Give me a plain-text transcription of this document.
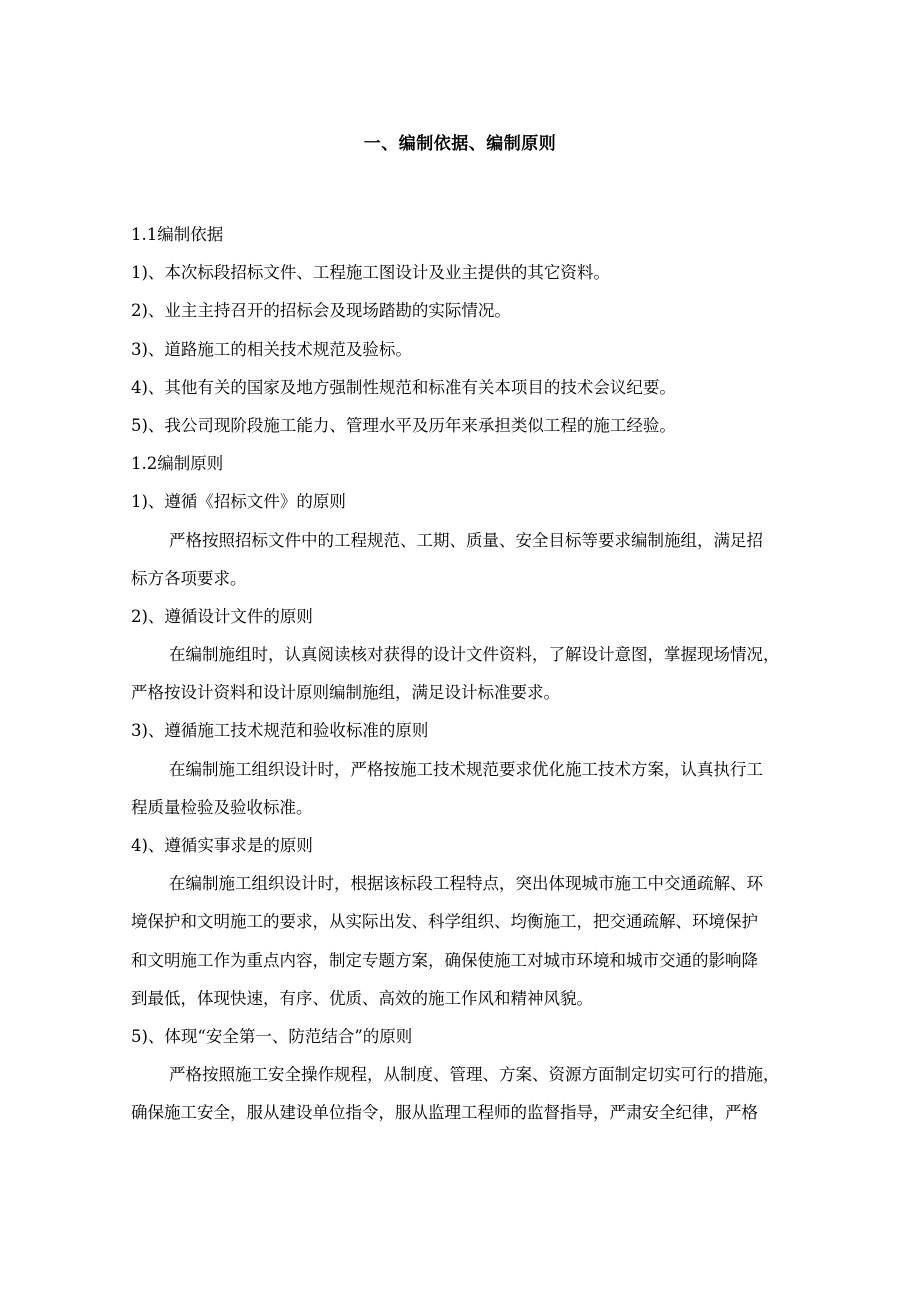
一、编制依据、编制原则
1.1编制依据
1)、本次标段招标文件、工程施工图设计及业主提供的其它资料。
2)、业主主持召开的招标会及现场踏勘的实际情况。
3)、道路施工的相关技术规范及验标。
4)、其他有关的国家及地方强制性规范和标准有关本项目的技术会议纪要。
5)、我公司现阶段施工能力、管理水平及历年来承担类似工程的施工经验。
1.2编制原则
1)、遵循《招标文件》的原则
严格按照招标文件中的工程规范、工期、质量、安全目标等要求编制施组，满足招
标方各项要求。
2)、遵循设计文件的原则
在编制施组时，认真阅读核对获得的设计文件资料，了解设计意图，掌握现场情况，
严格按设计资料和设计原则编制施组，满足设计标准要求。
3)、遵循施工技术规范和验收标准的原则
在编制施工组织设计时，严格按施工技术规范要求优化施工技术方案，认真执行工
程质量检验及验收标准。
4)、遵循实事求是的原则
在编制施工组织设计时，根据该标段工程特点，突出体现城市施工中交通疏解、环
境保护和文明施工的要求，从实际出发、科学组织、均衡施工，把交通疏解、环境保护
和文明施工作为重点内容，制定专题方案，确保使施工对城市环境和城市交通的影响降
到最低，体现快速，有序、优质、高效的施工作风和精神风貌。
5)、体现“安全第一、防范结合”的原则
严格按照施工安全操作规程，从制度、管理、方案、资源方面制定切实可行的措施，
确保施工安全，服从建设单位指令，服从监理工程师的监督指导，严肃安全纪律，严格
